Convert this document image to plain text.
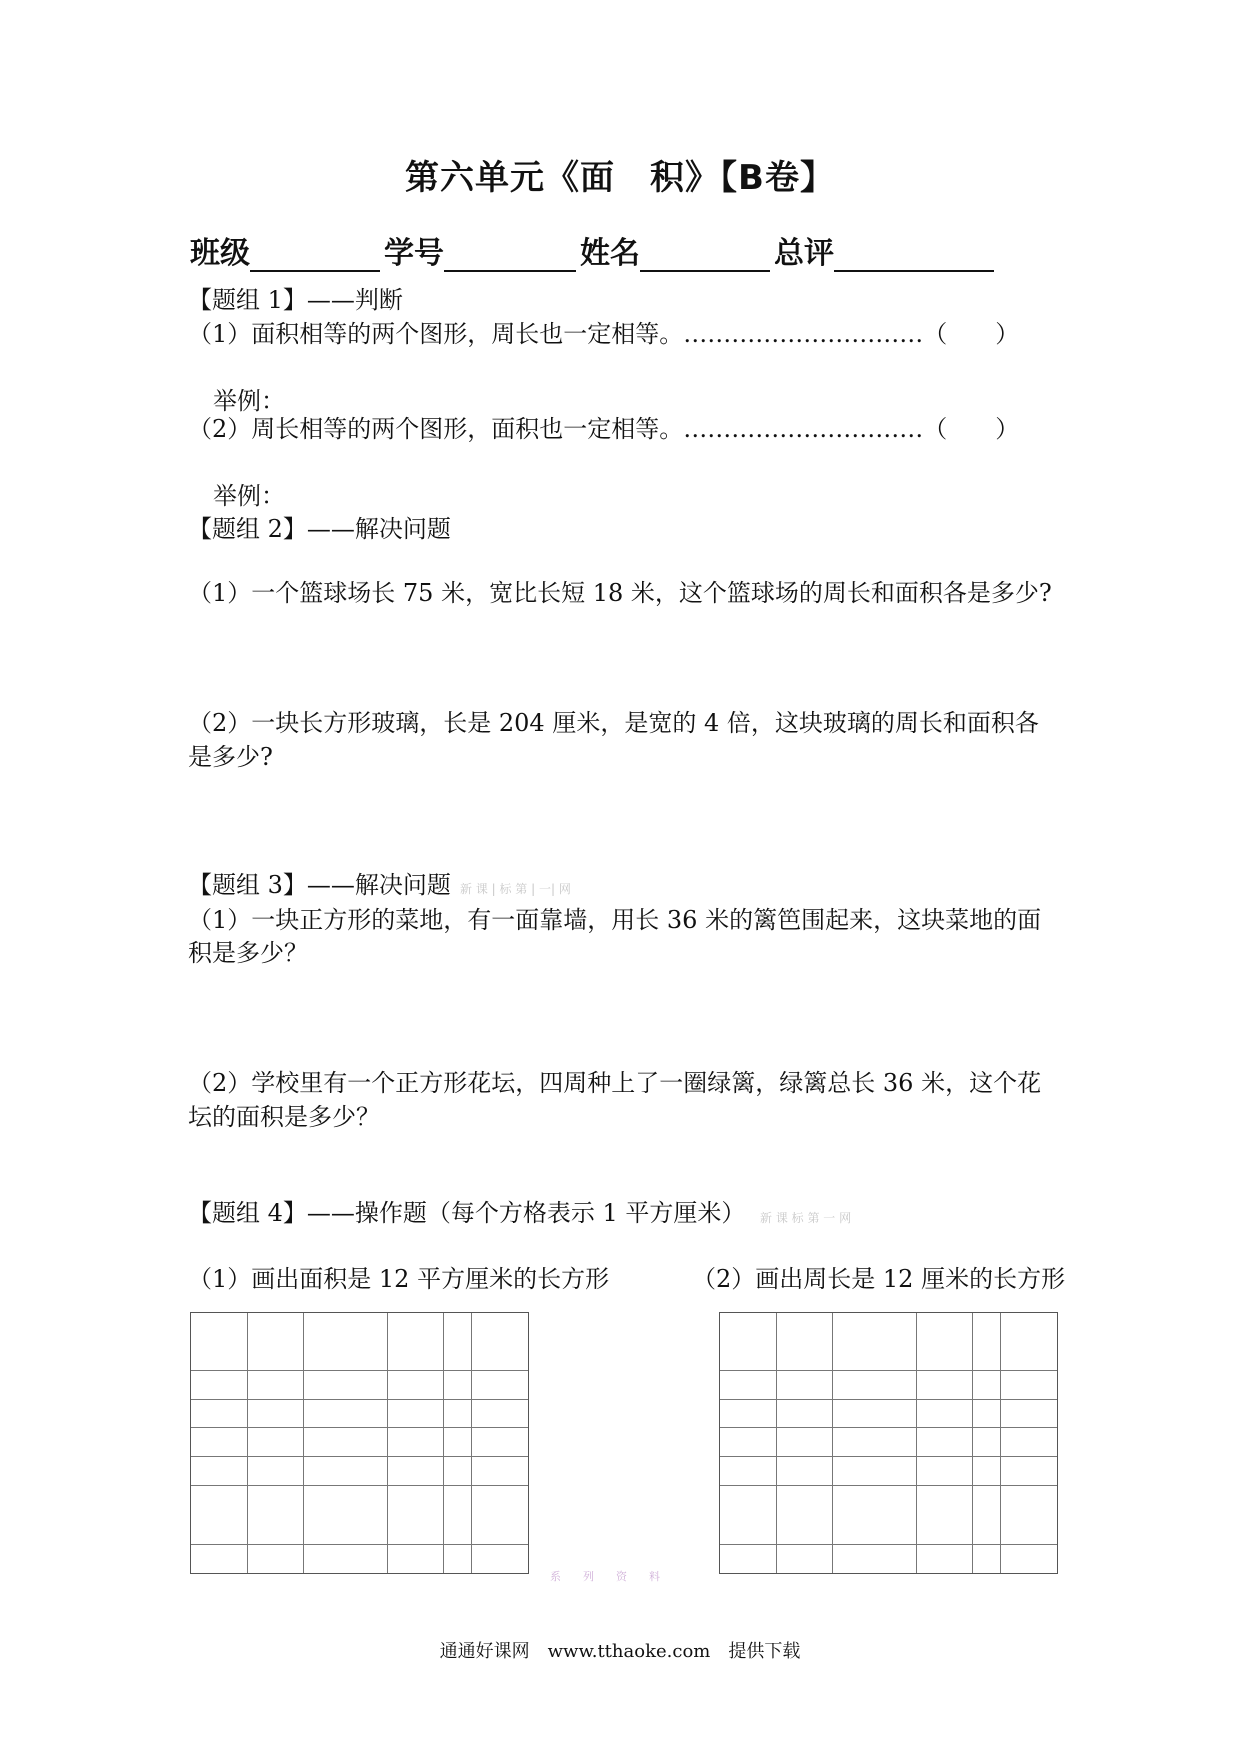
第六单元《面　积》【B卷】
班级	学号	姓名	总评
【题组 1】——判断
（1）面积相等的两个图形，周长也一定相等。…………………………（　　）
举例：
（2）周长相等的两个图形，面积也一定相等。…………………………（　　）
举例：
【题组 2】——解决问题
（1）一个篮球场长 75 米，宽比长短 18 米，这个篮球场的周长和面积各是多少?
（2）一块长方形玻璃，长是 204 厘米，是宽的 4 倍，这块玻璃的周长和面积各
是多少?
【题组 3】——解决问题 新 课 | 标 第 | 一| 网
（1）一块正方形的菜地，有一面靠墙，用长 36 米的篱笆围起来，这块菜地的面
积是多少？
（2）学校里有一个正方形花坛，四周种上了一圈绿篱，绿篱总长 36 米，这个花
坛的面积是多少？
【题组 4】——操作题（每个方格表示 1 平方厘米） 新 课 标 第 一 网
（1）画出面积是 12 平方厘米的长方形	（2）画出周长是 12 厘米的长方形
系　　列　　资　　料
通通好课网　www.tthaoke.com　提供下载
